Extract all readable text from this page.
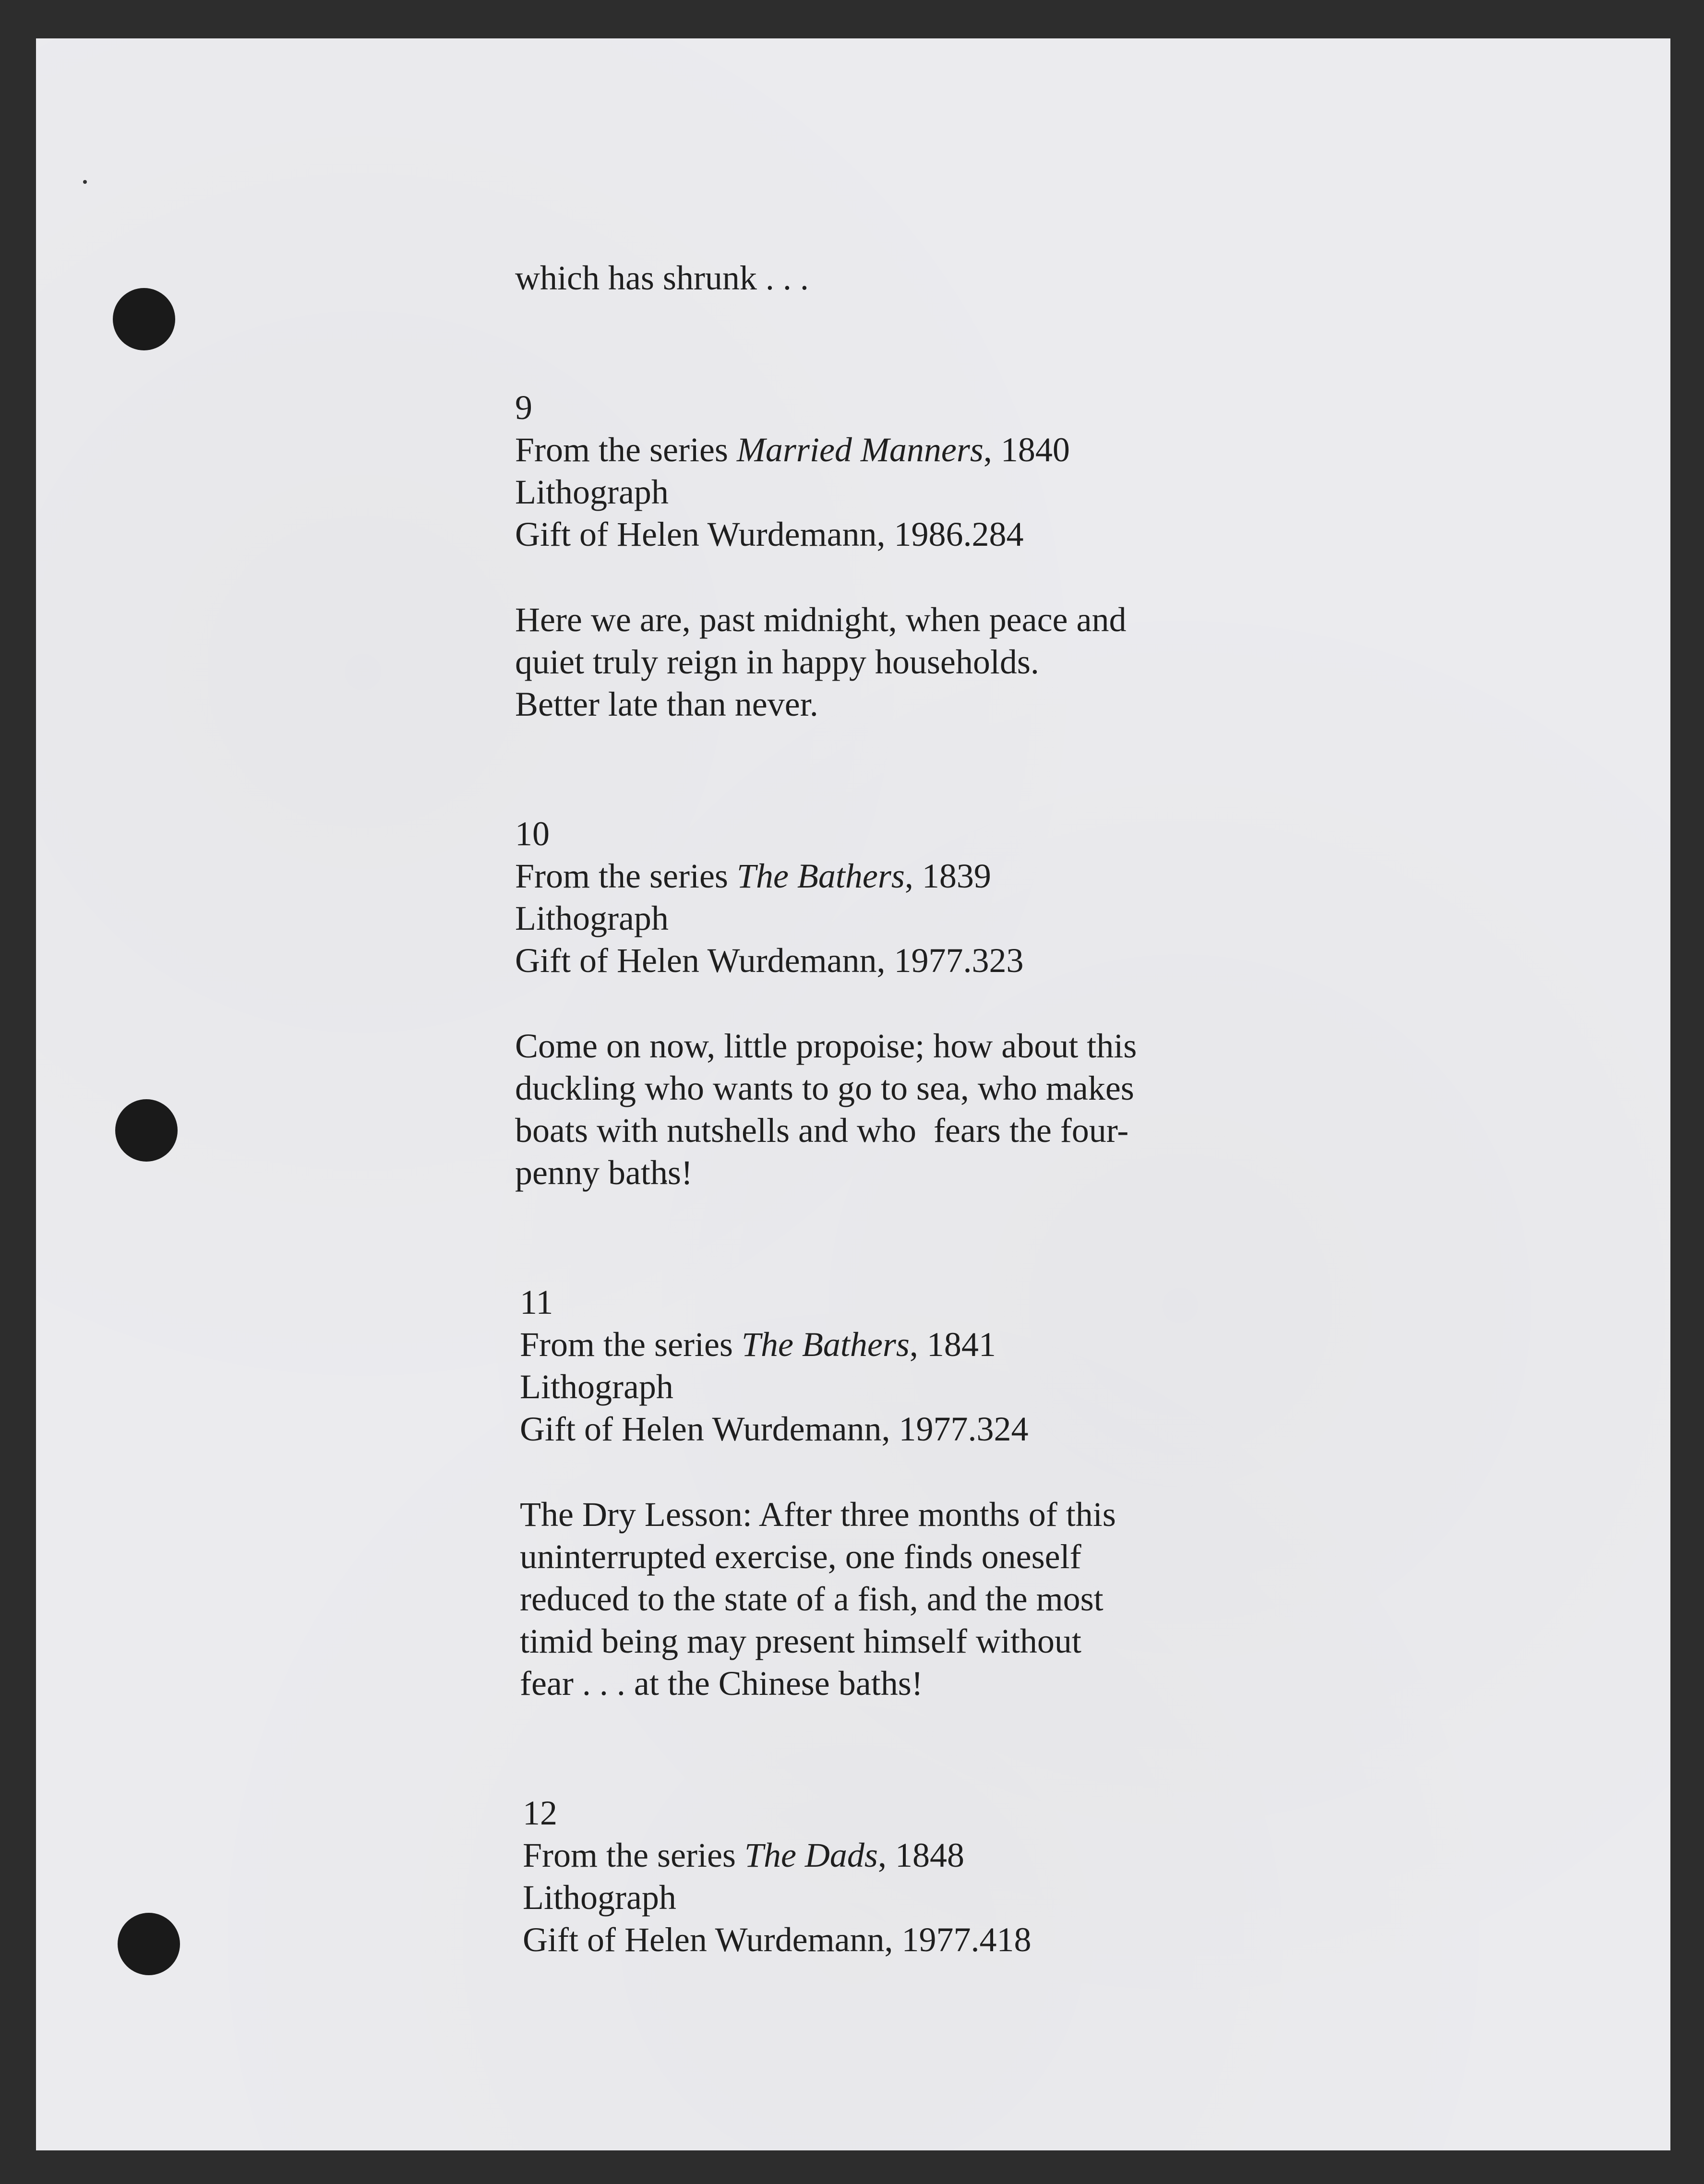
which has shrunk . . .
9
From the series Married Manners, 1840
Lithograph
Gift of Helen Wurdemann, 1986.284
Here we are, past midnight, when peace and
quiet truly reign in happy households.
Better late than never.
10
From the series The Bathers, 1839
Lithograph
Gift of Helen Wurdemann, 1977.323
Come on now, little propoise; how about this
duckling who wants to go to sea, who makes
boats with nutshells and who  fears the four-
penny baths!
11
From the series The Bathers, 1841
Lithograph
Gift of Helen Wurdemann, 1977.324
The Dry Lesson: After three months of this
uninterrupted exercise, one finds oneself
reduced to the state of a fish, and the most
timid being may present himself without
fear . . . at the Chinese baths!
12
From the series The Dads, 1848
Lithograph
Gift of Helen Wurdemann, 1977.418
